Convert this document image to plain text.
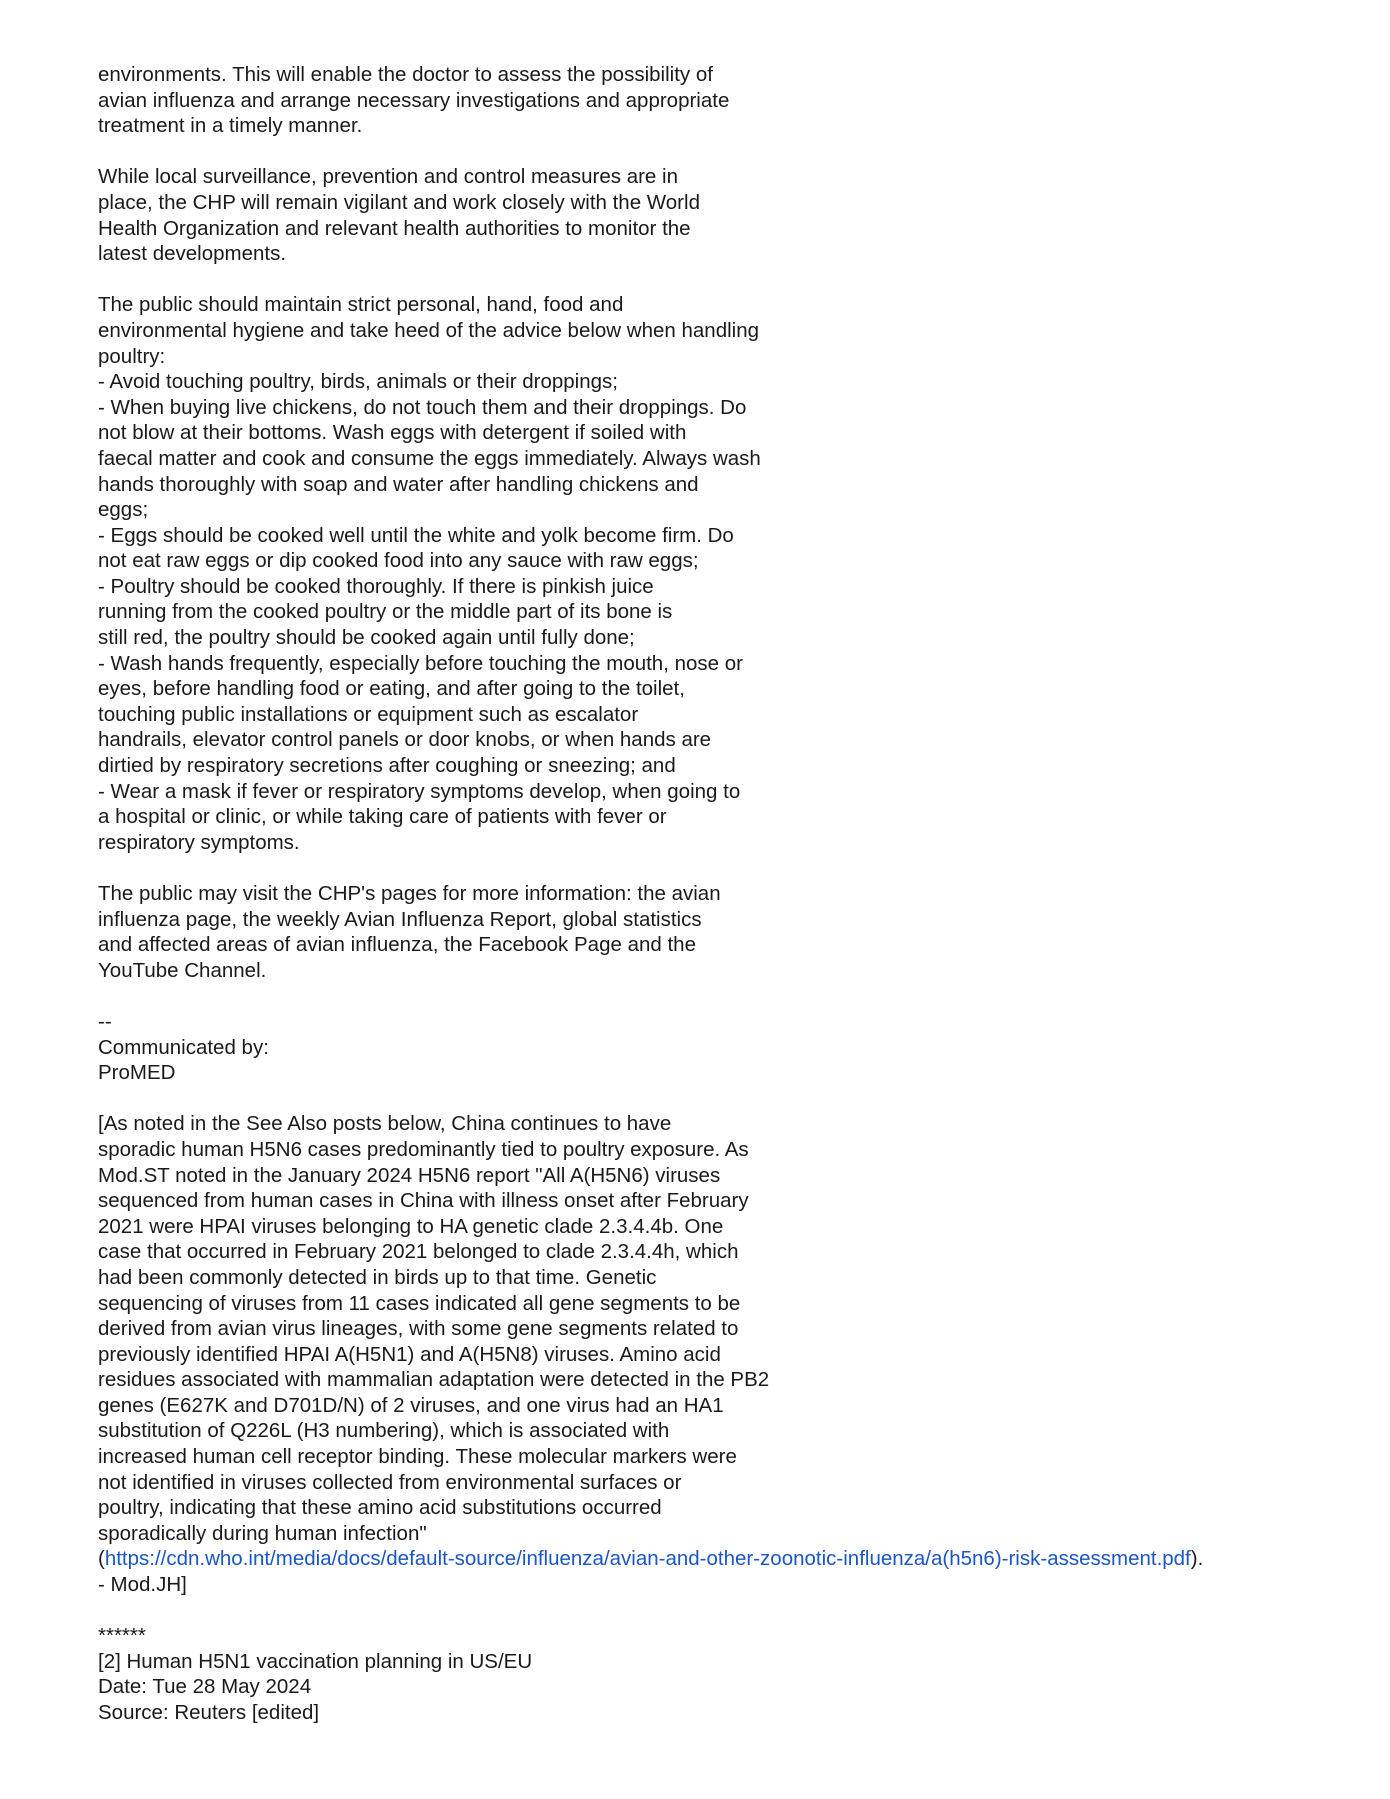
environments. This will enable the doctor to assess the possibility of
avian influenza and arrange necessary investigations and appropriate
treatment in a timely manner.
While local surveillance, prevention and control measures are in
place, the CHP will remain vigilant and work closely with the World
Health Organization and relevant health authorities to monitor the
latest developments.
The public should maintain strict personal, hand, food and
environmental hygiene and take heed of the advice below when handling
poultry:
- Avoid touching poultry, birds, animals or their droppings;
- When buying live chickens, do not touch them and their droppings. Do
not blow at their bottoms. Wash eggs with detergent if soiled with
faecal matter and cook and consume the eggs immediately. Always wash
hands thoroughly with soap and water after handling chickens and
eggs;
- Eggs should be cooked well until the white and yolk become firm. Do
not eat raw eggs or dip cooked food into any sauce with raw eggs;
- Poultry should be cooked thoroughly. If there is pinkish juice
running from the cooked poultry or the middle part of its bone is
still red, the poultry should be cooked again until fully done;
- Wash hands frequently, especially before touching the mouth, nose or
eyes, before handling food or eating, and after going to the toilet,
touching public installations or equipment such as escalator
handrails, elevator control panels or door knobs, or when hands are
dirtied by respiratory secretions after coughing or sneezing; and
- Wear a mask if fever or respiratory symptoms develop, when going to
a hospital or clinic, or while taking care of patients with fever or
respiratory symptoms.
The public may visit the CHP's pages for more information: the avian
influenza page, the weekly Avian Influenza Report, global statistics
and affected areas of avian influenza, the Facebook Page and the
YouTube Channel.
--
Communicated by:
ProMED
[As noted in the See Also posts below, China continues to have
sporadic human H5N6 cases predominantly tied to poultry exposure. As
Mod.ST noted in the January 2024 H5N6 report "All A(H5N6) viruses
sequenced from human cases in China with illness onset after February
2021 were HPAI viruses belonging to HA genetic clade 2.3.4.4b. One
case that occurred in February 2021 belonged to clade 2.3.4.4h, which
had been commonly detected in birds up to that time. Genetic
sequencing of viruses from 11 cases indicated all gene segments to be
derived from avian virus lineages, with some gene segments related to
previously identified HPAI A(H5N1) and A(H5N8) viruses. Amino acid
residues associated with mammalian adaptation were detected in the PB2
genes (E627K and D701D/N) of 2 viruses, and one virus had an HA1
substitution of Q226L (H3 numbering), which is associated with
increased human cell receptor binding. These molecular markers were
not identified in viruses collected from environmental surfaces or
poultry, indicating that these amino acid substitutions occurred
sporadically during human infection"
(https://cdn.who.int/media/docs/default-source/influenza/avian-and-other-zoonotic-influenza/a(h5n6)-risk-assessment.pdf).
- Mod.JH]
******
[2] Human H5N1 vaccination planning in US/EU
Date: Tue 28 May 2024
Source: Reuters [edited]
